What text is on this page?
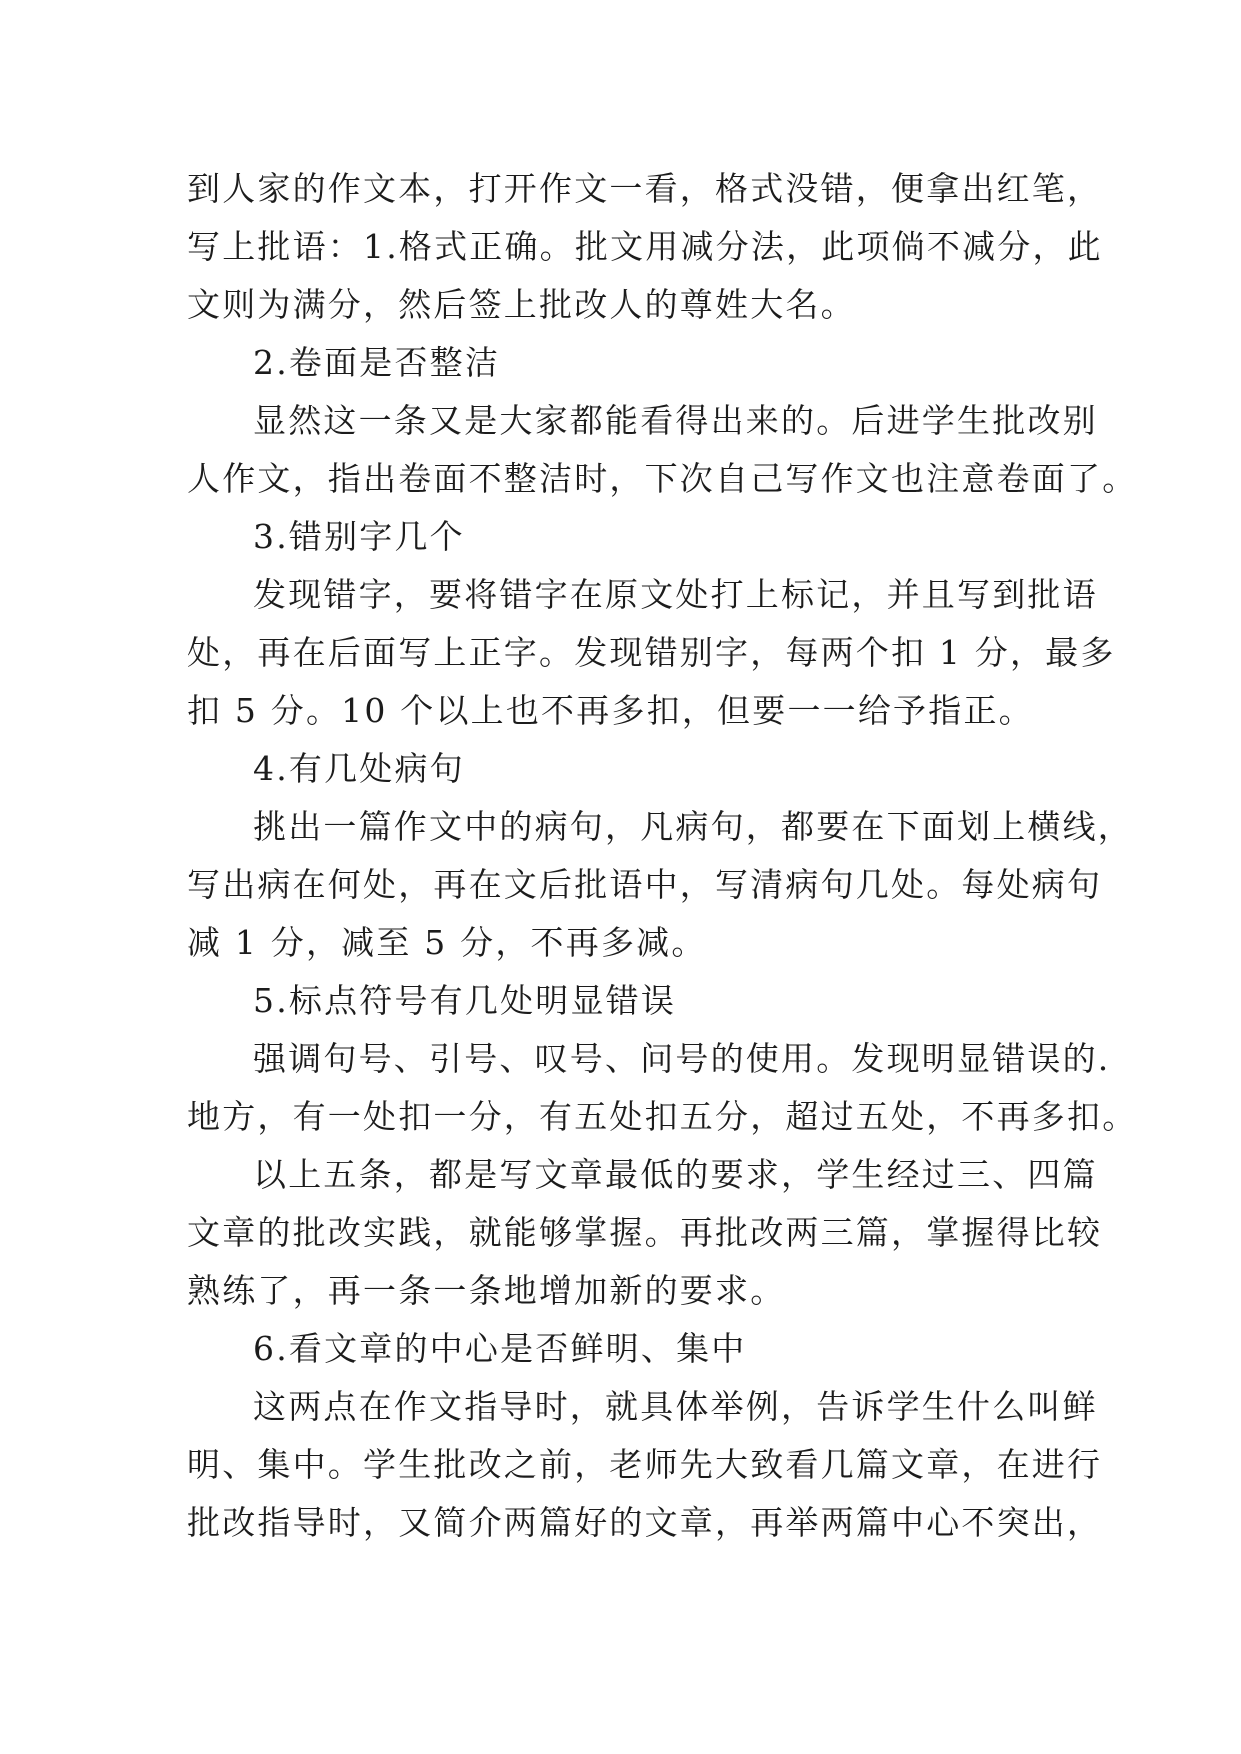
到人家的作文本，打开作文一看，格式没错，便拿出红笔，
写上批语：1.格式正确。批文用减分法，此项倘不减分，此
文则为满分，然后签上批改人的尊姓大名。
2.卷面是否整洁
显然这一条又是大家都能看得出来的。后进学生批改别
人作文，指出卷面不整洁时，下次自己写作文也注意卷面了。
3.错别字几个
发现错字，要将错字在原文处打上标记，并且写到批语
处，再在后面写上正字。发现错别字，每两个扣 1 分，最多
扣 5 分。10 个以上也不再多扣，但要一一给予指正。
4.有几处病句
挑出一篇作文中的病句，凡病句，都要在下面划上横线，
写出病在何处，再在文后批语中，写清病句几处。每处病句
减 1 分，减至 5 分，不再多减。
5.标点符号有几处明显错误
强调句号、引号、叹号、问号的使用。发现明显错误的.
地方，有一处扣一分，有五处扣五分，超过五处，不再多扣。
以上五条，都是写文章最低的要求，学生经过三、四篇
文章的批改实践，就能够掌握。再批改两三篇，掌握得比较
熟练了，再一条一条地增加新的要求。
6.看文章的中心是否鲜明、集中
这两点在作文指导时，就具体举例，告诉学生什么叫鲜
明、集中。学生批改之前，老师先大致看几篇文章，在进行
批改指导时，又简介两篇好的文章，再举两篇中心不突出，
